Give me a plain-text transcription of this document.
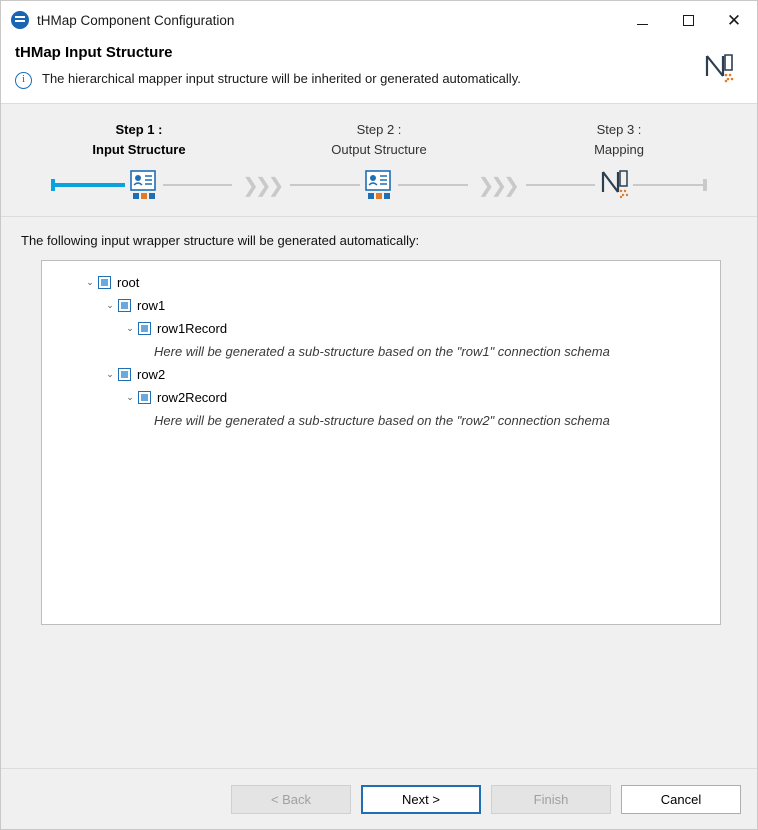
tHMap Component Configuration	✕
tHMap Input Structure
i	The hierarchical mapper input structure will be inherited or generated automatically.
Step 1 :
Input Structure
Step 2 :
Output Structure
Step 3 :
Mapping
❯❯❯	❯❯❯
The following input wrapper structure will be generated automatically:
⌄	root
⌄	row1
⌄	row1Record
Here will be generated a sub-structure based on the "row1" connection schema
⌄	row2
⌄	row2Record
Here will be generated a sub-structure based on the "row2" connection schema
< Back	Next >	Finish	Cancel
